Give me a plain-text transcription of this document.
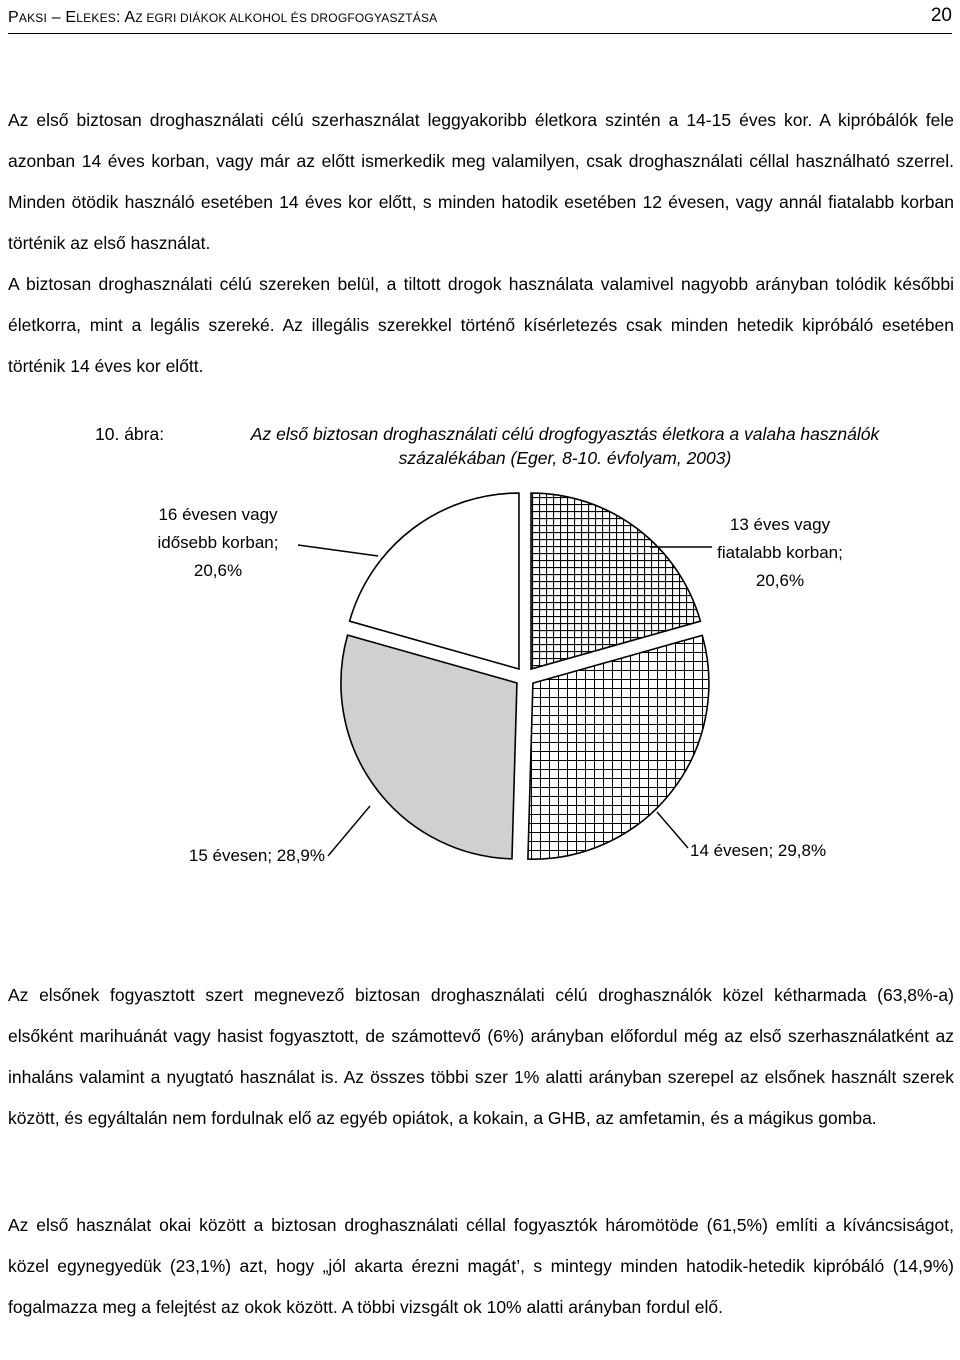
PAKSI – ELEKES: AZ EGRI DIÁKOK ALKOHOL ÉS DROGFOGYASZTÁSA	20

Az első biztosan droghasználati célú szerhasználat leggyakoribb életkora szintén a 14-15 éves kor. A kipróbálók fele azonban 14 éves korban, vagy már az előtt ismerkedik meg valamilyen, csak droghasználati céllal használható szerrel. Minden ötödik használó esetében 14 éves kor előtt, s minden hatodik esetében 12 évesen, vagy annál fiatalabb korban történik az első használat.

A biztosan droghasználati célú szereken belül, a tiltott drogok használata valamivel nagyobb arányban tolódik későbbi életkorra, mint a legális szereké. Az illegális szerekkel történő kísérletezés csak minden hetedik kipróbáló esetében történik 14 éves kor előtt.

10. ábra:	Az első biztosan droghasználati célú drogfogyasztás életkora a valaha használók
százalékában (Eger, 8-10. évfolyam, 2003)
13 éves vagy fiatalabb korban; 20,6%
14 évesen; 29,8%
15 évesen; 28,9%
16 évesen vagy idősebb korban; 20,6%

Az elsőnek fogyasztott szert megnevező biztosan droghasználati célú droghasználók közel kétharmada (63,8%-a) elsőként marihuánát vagy hasist fogyasztott, de számottevő (6%) arányban előfordul még az első szerhasználatként az inhaláns valamint a nyugtató használat is. Az összes többi szer 1% alatti arányban szerepel az elsőnek használt szerek között, és egyáltalán nem fordulnak elő az egyéb opiátok, a kokain, a GHB, az amfetamin, és a mágikus gomba.

Az első használat okai között a biztosan droghasználati céllal fogyasztók háromötöde (61,5%) említi a kíváncsiságot, közel egynegyedük (23,1%) azt, hogy „jól akarta érezni magát’, s mintegy minden hatodik-hetedik kipróbáló (14,9%) fogalmazza meg a felejtést az okok között. A többi vizsgált ok 10% alatti arányban fordul elő.
